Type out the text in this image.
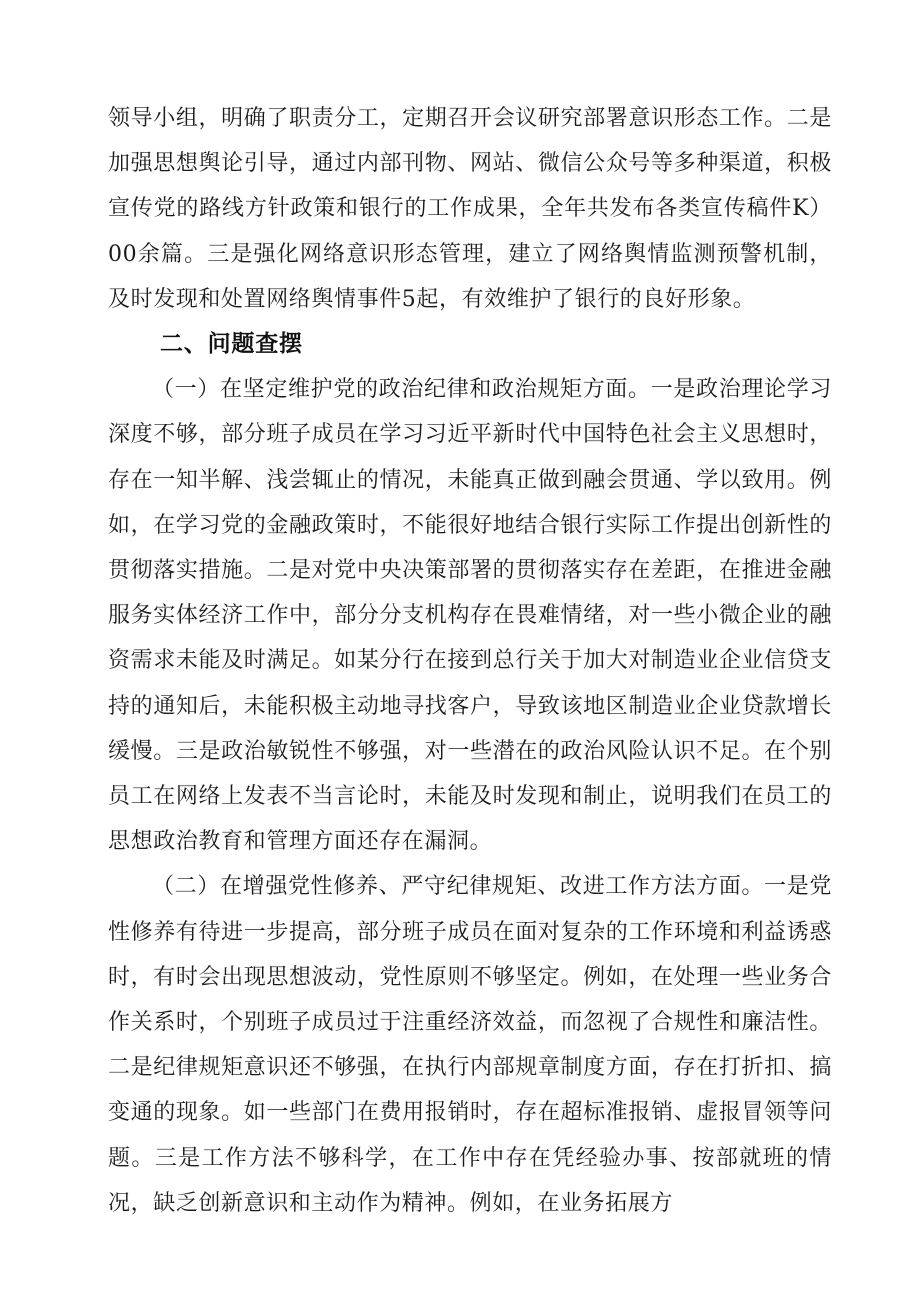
领导小组，明确了职责分工，定期召开会议研究部署意识形态工作。二是加强思想舆论引导，通过内部刊物、网站、微信公众号等多种渠道，积极宣传党的路线方针政策和银行的工作成果，全年共发布各类宣传稿件K）00余篇。三是强化网络意识形态管理，建立了网络舆情监测预警机制，及时发现和处置网络舆情事件5起，有效维护了银行的良好形象。

二、问题查摆

（一）在坚定维护党的政治纪律和政治规矩方面。一是政治理论学习深度不够，部分班子成员在学习习近平新时代中国特色社会主义思想时，存在一知半解、浅尝辄止的情况，未能真正做到融会贯通、学以致用。例如，在学习党的金融政策时，不能很好地结合银行实际工作提出创新性的贯彻落实措施。二是对党中央决策部署的贯彻落实存在差距，在推进金融服务实体经济工作中，部分分支机构存在畏难情绪，对一些小微企业的融资需求未能及时满足。如某分行在接到总行关于加大对制造业企业信贷支持的通知后，未能积极主动地寻找客户，导致该地区制造业企业贷款增长缓慢。三是政治敏锐性不够强，对一些潜在的政治风险认识不足。在个别员工在网络上发表不当言论时，未能及时发现和制止，说明我们在员工的思想政治教育和管理方面还存在漏洞。

（二）在增强党性修养、严守纪律规矩、改进工作方法方面。一是党性修养有待进一步提高，部分班子成员在面对复杂的工作环境和利益诱惑时，有时会出现思想波动，党性原则不够坚定。例如，在处理一些业务合作关系时，个别班子成员过于注重经济效益，而忽视了合规性和廉洁性。二是纪律规矩意识还不够强，在执行内部规章制度方面，存在打折扣、搞变通的现象。如一些部门在费用报销时，存在超标准报销、虚报冒领等问题。三是工作方法不够科学，在工作中存在凭经验办事、按部就班的情况，缺乏创新意识和主动作为精神。例如，在业务拓展方
